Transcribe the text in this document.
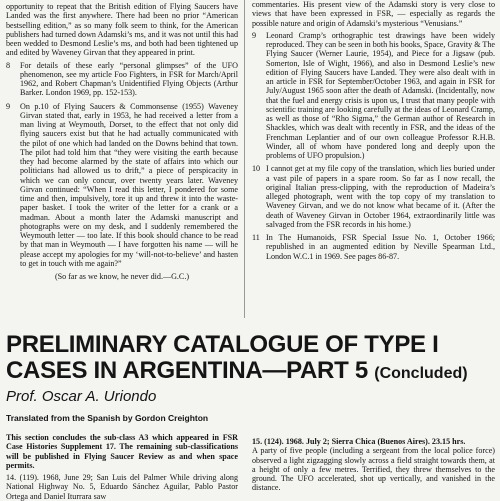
opportunity to repeat that the British edition of Flying Saucers have Landed was the first anywhere. There had been no prior “American bestselling edition,” as so many folk seem to think, for the American publishers had turned down Adamski’s ms, and it was not until this had been wedded to Desmond Leslie’s ms, and both had been tightened up and edited by Waveney Girvan that they appeared in print.

8 For details of these early “personal glimpses” of the UFO phenomenon, see my article Foo Fighters, in FSR for March/April 1962, and Robert Chapman’s Unidentified Flying Objects (Arthur Barker. London 1969, pp. 152-153).
9 On p.10 of Flying Saucers & Commonsense (1955) Waveney Girvan stated that, early in 1953, he had received a letter from a man living at Weymouth, Dorset, to the effect that not only did flying saucers exist but that he had actually communicated with the pilot of one which had landed on the Downs behind that town. The pilot had told him that “they were visiting the earth because they had become alarmed by the state of affairs into which our politicians had allowed us to drift,” a piece of perspicacity in which we can only concur, over twenty years later. Waveney Girvan continued: “When I read this letter, I pondered for some time and then, impulsively, tore it up and threw it into the waste-paper basket. I took the writer of the letter for a crank or a madman. About a month later the Adamski manuscript and photographs were on my desk, and I suddenly remembered the Weymouth letter — too late. If this book should chance to be read by that man in Weymouth — I have forgotten his name — will he please accept my apologies for my ‘will-not-to-believe’ and hasten to get in touch with me again?”

(So far as we know, he never did.—G.C.)

commentaries. His present view of the Adamski story is very close to views that have been expressed in FSR, — especially as regards the possible nature and origin of Adamski’s mysterious “Venusians.”

9 Leonard Cramp’s orthographic test drawings have been widely reproduced. They can be seen in both his books, Space, Gravity & The Flying Saucer (Werner Laurie, 1954), and Piece for a Jigsaw (pub. Somerton, Isle of Wight, 1966), and also in Desmond Leslie’s new edition of Flying Saucers have Landed. They were also dealt with in an article in FSR for September/October 1963, and again in FSR for July/August 1965 soon after the death of Adamski. (Incidentally, now that the fuel and energy crisis is upon us, I trust that many people with scientific training are looking carefully at the ideas of Leonard Cramp, as well as those of “Rho Sigma,” the German author of Research in Shackles, which was dealt with recently in FSR, and the ideas of the Frenchman Leplantier and of our own colleague Professor R.H.B. Winder, all of whom have pondered long and deeply upon the problems of UFO propulsion.)
10 I cannot get at my file copy of the translation, which lies buried under a vast pile of papers in a spare room. So far as I now recall, the original Italian press-clipping, with the reproduction of Madeira’s alleged photograph, went with the top copy of my translation to Waveney Girvan, and we do not know what became of it. (After the death of Waveney Girvan in October 1964, extraordinarily little was salvaged from the FSR records in his home.)
11 In The Humanoids, FSR Special Issue No. 1, October 1966; republished in an augmented edition by Neville Spearman Ltd., London W.C.1 in 1969. See pages 86-87.
PRELIMINARY CATALOGUE OF TYPE I
CASES IN ARGENTINA—PART 5 (Concluded)

Prof. Oscar A. Uriondo

Translated from the Spanish by Gordon Creighton

This section concludes the sub-class A3 which appeared in FSR Case Histories Supplement 17. The remaining sub-classifications will be published in Flying Saucer Review as and when space permits.

14. (119). 1968, June 29; San Luis del Palmer While driving along National Highway No. 5, Eduardo Sánchez Aguilar, Pablo Pastor Ortega and Daniel Iturrara saw

15. (124). 1968. July 2; Sierra Chica (Buenos Aires). 23.15 hrs.

A party of five people (including a sergeant from the local police force) observed a light zigzagging slowly across a field straight towards them, at a height of only a few metres. Terrified, they threw themselves to the ground. The UFO accelerated, shot up vertically, and vanished in the distance.
